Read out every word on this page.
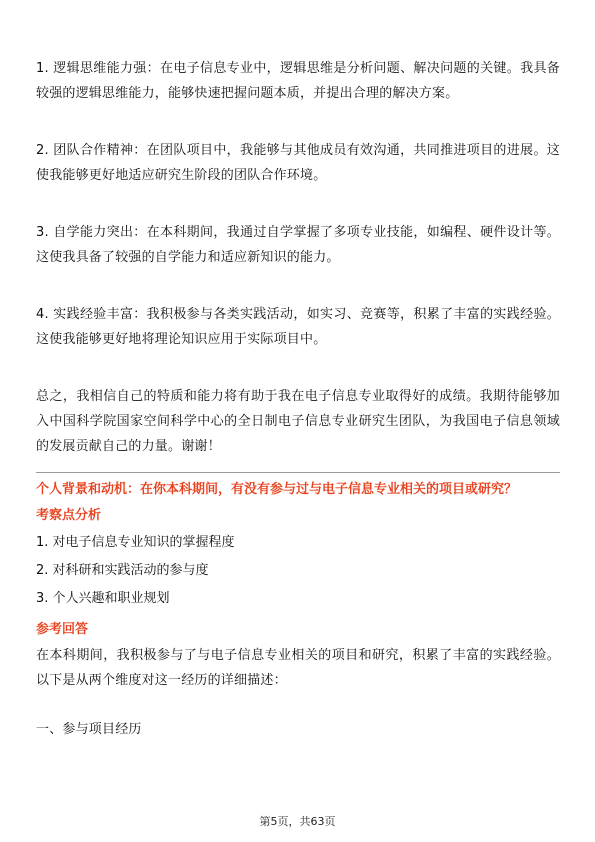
1. 逻辑思维能力强：在电子信息专业中，逻辑思维是分析问题、解决问题的关键。我具备较强的逻辑思维能力，能够快速把握问题本质，并提出合理的解决方案。

2. 团队合作精神：在团队项目中，我能够与其他成员有效沟通，共同推进项目的进展。这使我能够更好地适应研究生阶段的团队合作环境。

3. 自学能力突出：在本科期间，我通过自学掌握了多项专业技能，如编程、硬件设计等。这使我具备了较强的自学能力和适应新知识的能力。

4. 实践经验丰富：我积极参与各类实践活动，如实习、竞赛等，积累了丰富的实践经验。这使我能够更好地将理论知识应用于实际项目中。

总之，我相信自己的特质和能力将有助于我在电子信息专业取得好的成绩。我期待能够加入中国科学院国家空间科学中心的全日制电子信息专业研究生团队，为我国电子信息领域的发展贡献自己的力量。谢谢！

个人背景和动机：在你本科期间，有没有参与过与电子信息专业相关的项目或研究？

考察点分析

1. 对电子信息专业知识的掌握程度

2. 对科研和实践活动的参与度

3. 个人兴趣和职业规划

参考回答

在本科期间，我积极参与了与电子信息专业相关的项目和研究，积累了丰富的实践经验。以下是从两个维度对这一经历的详细描述：

一、参与项目经历

第5页，共63页
